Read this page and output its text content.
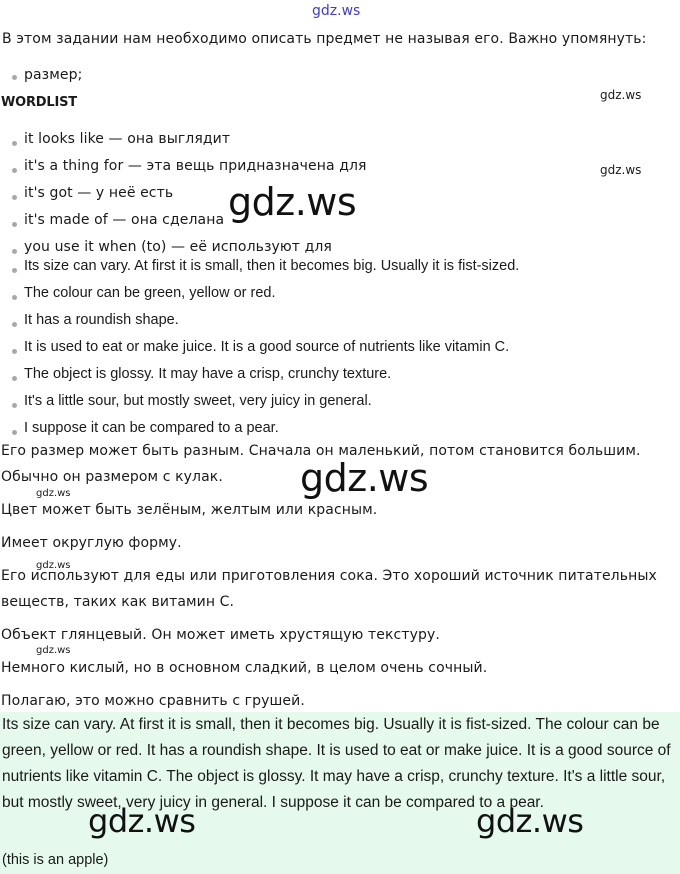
gdz.ws
В этом задании нам необходимо описать предмет не называя его. Важно упомянуть:
размер;
WORDLIST	gdz.ws
it looks like — она выглядит
it's a thing for — эта вещь придназначена для	gdz.ws
it's got — у неё есть
it's made of — она сделана gdz.ws
you use it when (to) — её используют для
Its size can vary. At first it is small, then it becomes big. Usually it is fist-sized.
The colour can be green, yellow or red.
It has a roundish shape.
It is used to eat or make juice. It is a good source of nutrients like vitamin C.
The object is glossy. It may have a crisp, crunchy texture.
It's a little sour, but mostly sweet, very juicy in general.
I suppose it can be compared to a pear.
Его размер может быть разным. Сначала он маленький, потом становится большим.
Обычно он размером с кулак. gdz.ws
gdz.ws
Цвет может быть зелёным, желтым или красным.
Имеет округлую форму.
gdz.ws
Его используют для еды или приготовления сока. Это хороший источник питательных
веществ, таких как витамин С.
Объект глянцевый. Он может иметь хрустящую текстуру.
gdz.ws
Немного кислый, но в основном сладкий, в целом очень сочный.
Полагаю, это можно сравнить с грушей.
Its size can vary. At first it is small, then it becomes big. Usually it is fist-sized. The colour can be green, yellow or red. It has a roundish shape. It is used to eat or make juice. It is a good source of nutrients like vitamin C. The object is glossy. It may have a crisp, crunchy texture. It's a little sour, but mostly sweet, very juicy in general. I suppose it can be compared to a pear.
(this is an apple)
gdz.ws	gdz.ws
